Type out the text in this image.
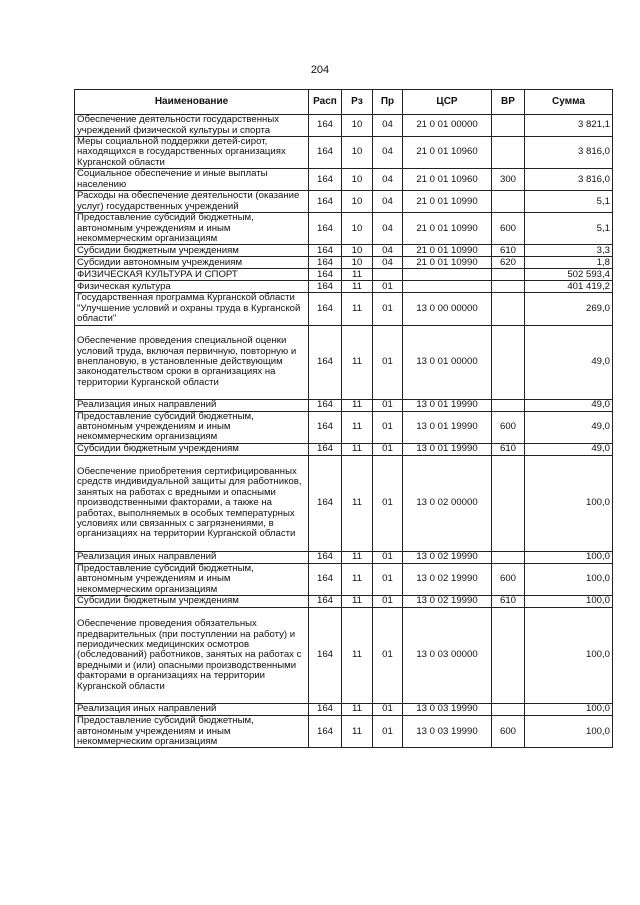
204
Наименование	Расп	Рз	Пр	ЦСР	ВР	Сумма
Обеспечение деятельности государственных учреждений физической культуры и спорта	164	10	04	21 0 01 00000		3 821,1
Меры социальной поддержки детей-сирот, находящихся в государственных организациях Курганской области	164	10	04	21 0 01 10960		3 816,0
Социальное обеспечение и иные выплаты населению	164	10	04	21 0 01 10960	300	3 816,0
Расходы на обеспечение деятельности (оказание услуг) государственных учреждений	164	10	04	21 0 01 10990		5,1
Предоставление субсидий бюджетным, автономным учреждениям и иным некоммерческим организациям	164	10	04	21 0 01 10990	600	5,1
Субсидии бюджетным учреждениям	164	10	04	21 0 01 10990	610	3,3
Субсидии автономным учреждениям	164	10	04	21 0 01 10990	620	1,8
ФИЗИЧЕСКАЯ КУЛЬТУРА И СПОРТ	164	11				502 593,4
Физическая культура	164	11	01			401 419,2
Государственная программа Курганской области "Улучшение условий и охраны труда в Курганской области"	164	11	01	13 0 00 00000		269,0
Обеспечение проведения специальной оценки условий труда, включая первичную, повторную и внеплановую, в установленные действующим законодательством сроки в организациях на территории Курганской области	164	11	01	13 0 01 00000		49,0
Реализация иных направлений	164	11	01	13 0 01 19990		49,0
Предоставление субсидий бюджетным, автономным учреждениям и иным некоммерческим организациям	164	11	01	13 0 01 19990	600	49,0
Субсидии бюджетным учреждениям	164	11	01	13 0 01 19990	610	49,0
Обеспечение приобретения сертифицированных средств индивидуальной защиты для работников, занятых на работах с вредными и опасными производственными факторами, а также на работах, выполняемых в особых температурных условиях или связанных с загрязнениями, в организациях на территории Курганской области	164	11	01	13 0 02 00000		100,0
Реализация иных направлений	164	11	01	13 0 02 19990		100,0
Предоставление субсидий бюджетным, автономным учреждениям и иным некоммерческим организациям	164	11	01	13 0 02 19990	600	100,0
Субсидии бюджетным учреждениям	164	11	01	13 0 02 19990	610	100,0
Обеспечение проведения обязательных предварительных (при поступлении на работу) и периодических медицинских осмотров (обследований) работников, занятых на работах с вредными и (или) опасными производственными факторами в организациях на территории Курганской области	164	11	01	13 0 03 00000		100,0
Реализация иных направлений	164	11	01	13 0 03 19990		100,0
Предоставление субсидий бюджетным, автономным учреждениям и иным некоммерческим организациям	164	11	01	13 0 03 19990	600	100,0
